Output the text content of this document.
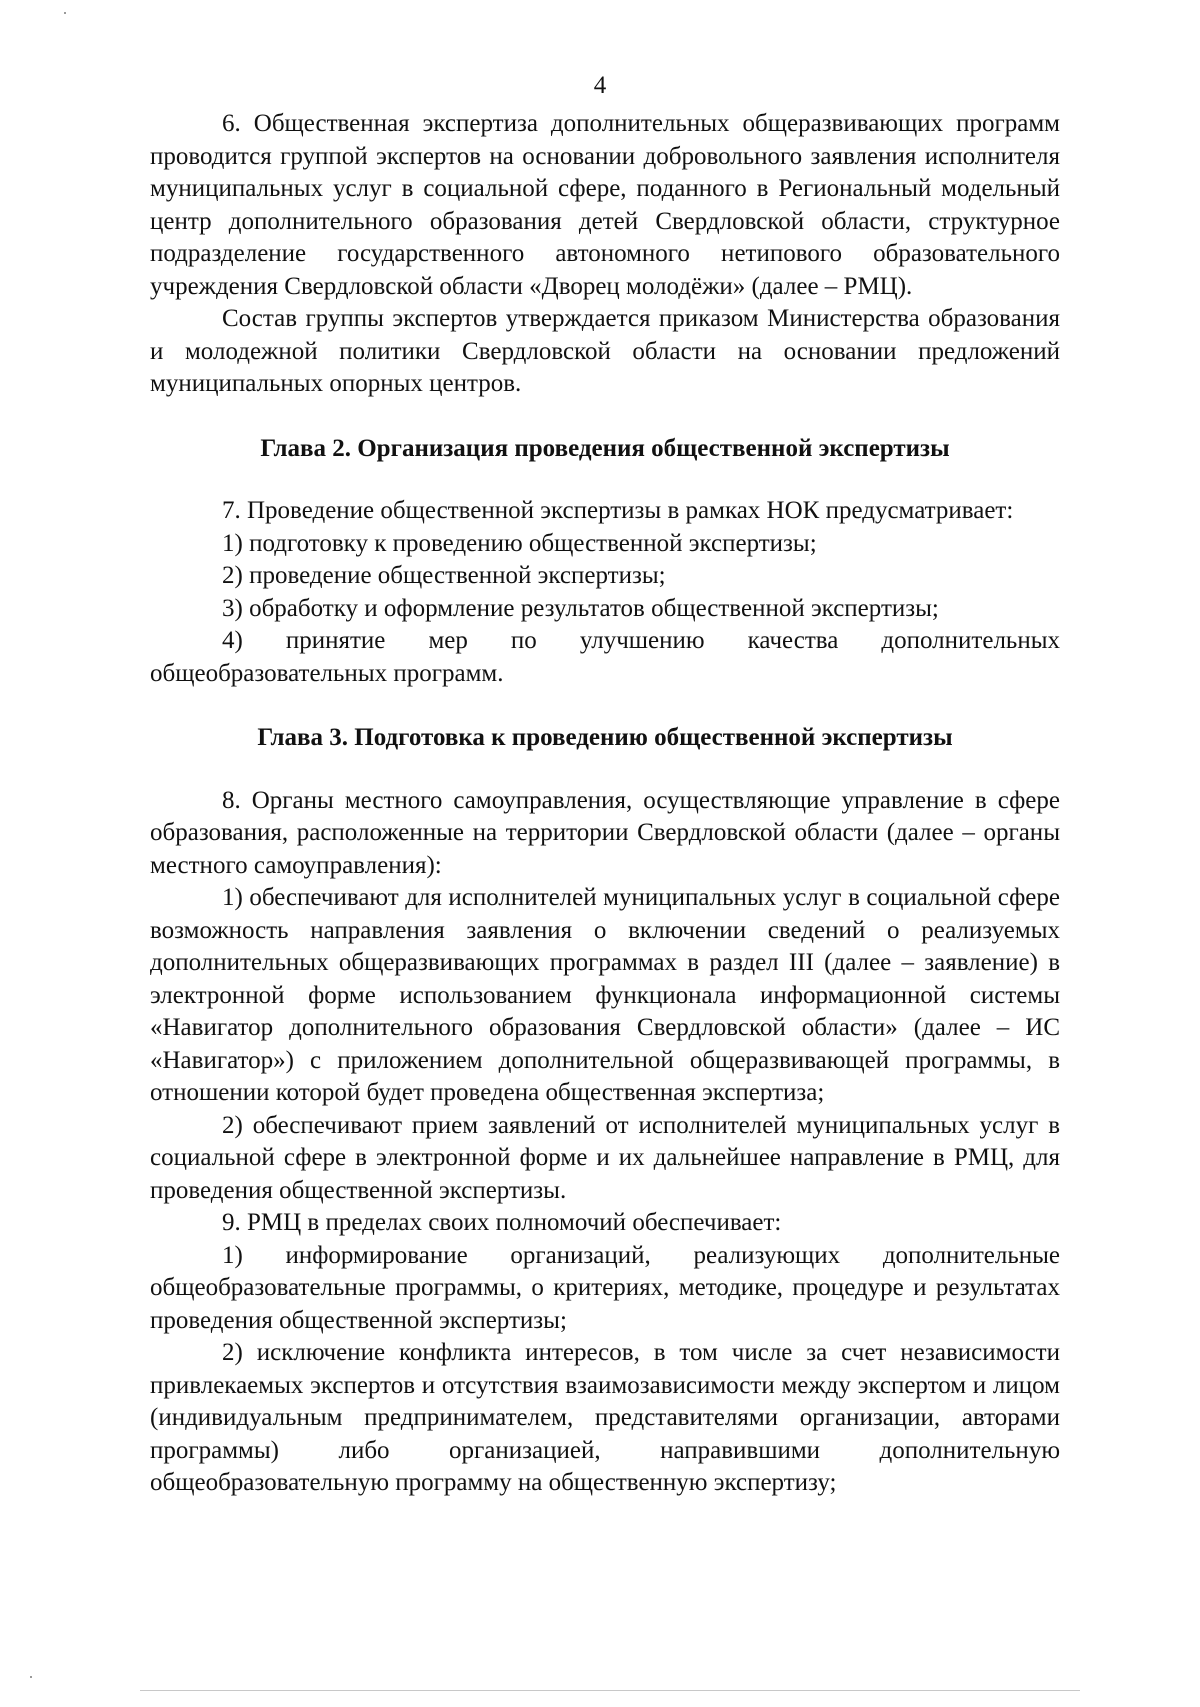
4

6. Общественная экспертиза дополнительных общеразвивающих программ проводится группой экспертов на основании добровольного заявления исполнителя муниципальных услуг в социальной сфере, поданного в Региональный модельный центр дополнительного образования детей Свердловской области, структурное подразделение государственного автономного нетипового образовательного учреждения Свердловской области «Дворец молодёжи» (далее – РМЦ).

Состав группы экспертов утверждается приказом Министерства образования и молодежной политики Свердловской области на основании предложений муниципальных опорных центров.

Глава 2. Организация проведения общественной экспертизы

7. Проведение общественной экспертизы в рамках НОК предусматривает:

1) подготовку к проведению общественной экспертизы;

2) проведение общественной экспертизы;

3) обработку и оформление результатов общественной экспертизы;

4) принятие мер по улучшению качества дополнительных общеобразовательных программ.

Глава 3. Подготовка к проведению общественной экспертизы

8. Органы местного самоуправления, осуществляющие управление в сфере образования, расположенные на территории Свердловской области (далее – органы местного самоуправления):

1) обеспечивают для исполнителей муниципальных услуг в социальной сфере возможность направления заявления о включении сведений о реализуемых дополнительных общеразвивающих программах в раздел III (далее – заявление) в электронной форме использованием функционала информационной системы «Навигатор дополнительного образования Свердловской области» (далее – ИС «Навигатор») с приложением дополнительной общеразвивающей программы, в отношении которой будет проведена общественная экспертиза;

2) обеспечивают прием заявлений от исполнителей муниципальных услуг в социальной сфере в электронной форме и их дальнейшее направление в РМЦ, для проведения общественной экспертизы.

9. РМЦ в пределах своих полномочий обеспечивает:

1) информирование организаций, реализующих дополнительные общеобразовательные программы, о критериях, методике, процедуре и результатах проведения общественной экспертизы;

2) исключение конфликта интересов, в том числе за счет независимости привлекаемых экспертов и отсутствия взаимозависимости между экспертом и лицом (индивидуальным предпринимателем, представителями организации, авторами программы) либо организацией, направившими дополнительную общеобразовательную программу на общественную экспертизу;
